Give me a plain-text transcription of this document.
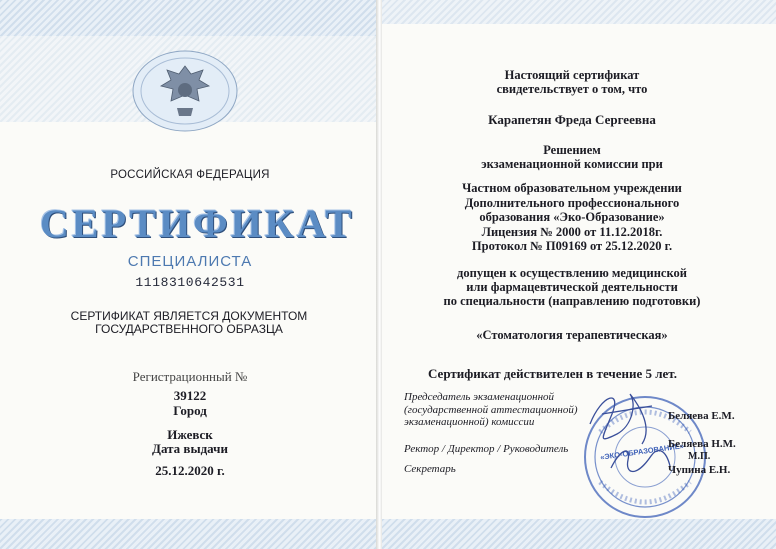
РОССИЙСКАЯ ФЕДЕРАЦИЯ
СЕРТИФИКАТ
СПЕЦИАЛИСТА
1118310642531
СЕРТИФИКАТ ЯВЛЯЕТСЯ ДОКУМЕНТОМ
ГОСУДАРСТВЕННОГО ОБРАЗЦА
Регистрационный №
39122
Город
Ижевск
Дата выдачи
25.12.2020 г.
Настоящий сертификат
свидетельствует о том, что
Карапетян Фреда Сергеевна
Решением
экзаменационной комиссии при
Частном образовательном учреждении
Дополнительного профессионального
образования «Эко-Образование»
Лицензия № 2000 от 11.12.2018г.
Протокол № П09169 от 25.12.2020 г.
допущен к осуществлению медицинской
или фармацевтической деятельности
по специальности (направлению подготовки)
«Стоматология терапевтическая»
Сертификат действителен в течение 5 лет.
Председатель экзаменационной
(государственной аттестационной)
экзаменационной) комиссии
Ректор / Директор / Руководитель
Секретарь
«ЭКО-ОБРАЗОВАНИЕ»
Беляева Е.М.
Беляева Н.М.
М.П.
Чупина Е.Н.
